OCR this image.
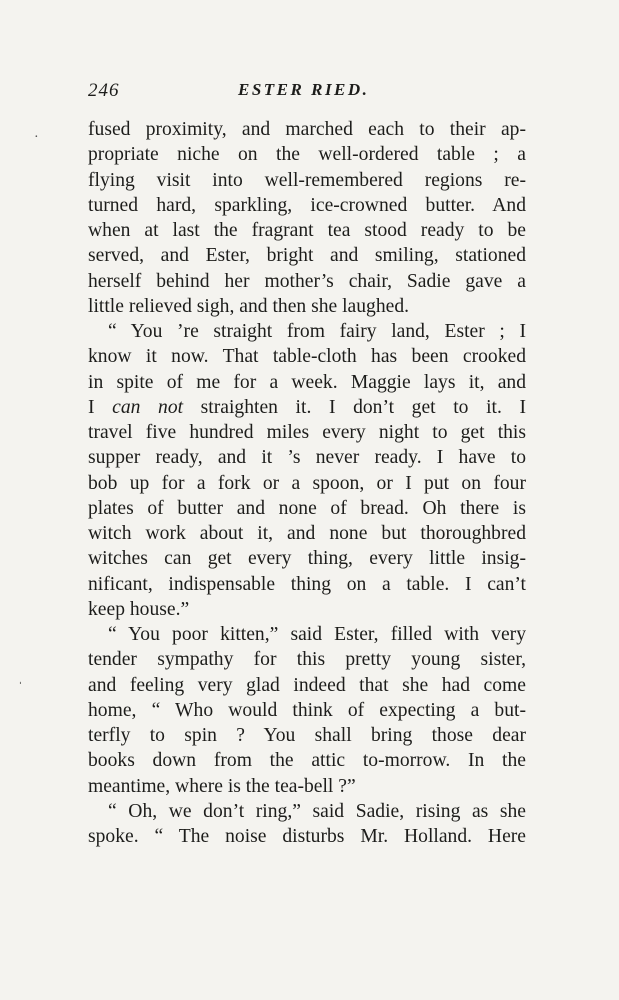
246	ESTER RIED.
·
ˌ
fused proximity, and marched each to their ap-
propriate niche on the well-ordered table ; a
flying visit into well-remembered regions re-
turned hard, sparkling, ice-crowned butter. And
when at last the fragrant tea stood ready to be
served, and Ester, bright and smiling, stationed
herself behind her mother’s chair, Sadie gave a
little relieved sigh, and then she laughed.
“ You ’re straight from fairy land, Ester ; I
know it now. That table-cloth has been crooked
in spite of me for a week. Maggie lays it, and
I can not straighten it. I don’t get to it. I
travel five hundred miles every night to get this
supper ready, and it ’s never ready. I have to
bob up for a fork or a spoon, or I put on four
plates of butter and none of bread. Oh there is
witch work about it, and none but thoroughbred
witches can get every thing, every little insig-
nificant, indispensable thing on a table. I can’t
keep house.”
“ You poor kitten,” said Ester, filled with very
tender sympathy for this pretty young sister,
and feeling very glad indeed that she had come
home, “ Who would think of expecting a but-
terfly to spin ? You shall bring those dear
books down from the attic to-morrow. In the
meantime, where is the tea-bell ?”
“ Oh, we don’t ring,” said Sadie, rising as she
spoke. “ The noise disturbs Mr. Holland. Here
